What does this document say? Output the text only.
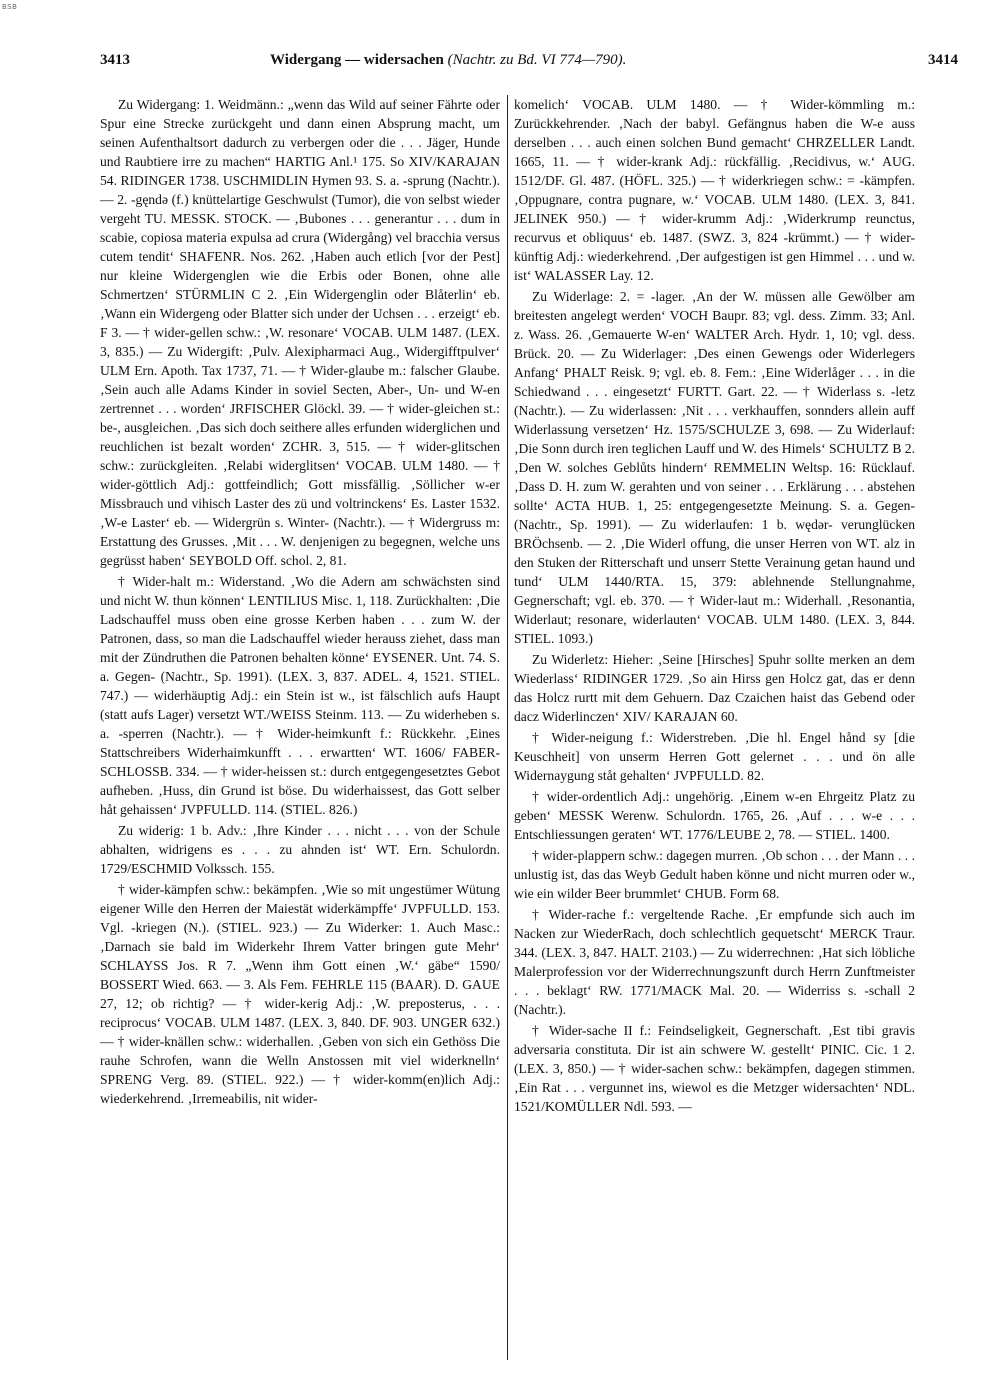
BSB
3413	Widergang — widersachen (Nachtr. zu Bd. VI 774—790).	3414

Zu Widergang: 1. Weidmänn.: „wenn das Wild auf seiner Fährte oder Spur eine Strecke zurückgeht und dann einen Absprung macht, um seinen Aufenthaltsort dadurch zu verbergen oder die . . . Jäger, Hunde und Raubtiere irre zu machen“ HARTIG Anl.¹ 175. So XIV/KARAJAN 54. RIDINGER 1738. USCHMIDLIN Hymen 93. S. a. -sprung (Nachtr.). — 2. -gęndə (f.) knüttelartige Geschwulst (Tumor), die von selbst wieder vergeht TU. MESSK. STOCK. — ‚Bubones . . . generantur . . . dum in scabie, copiosa materia expulsa ad crura (Widergång) vel bracchia versus cutem tendit‘ SHAFENR. Nos. 262. ‚Haben auch etlich [vor der Pest] nur kleine Widergenglen wie die Erbis oder Bonen, ohne alle Schmertzen‘ STÜRMLIN C 2. ‚Ein Widergenglin oder Blåterlin‘ eb. ‚Wann ein Widergeng oder Blatter sich under der Uchsen . . . erzeigt‘ eb. F 3. — † wider-gellen schw.: ‚W. resonare‘ VOCAB. ULM 1487. (LEX. 3, 835.) — Zu Widergift: ‚Pulv. Alexipharmaci Aug., Widergifftpulver‘ ULM Ern. Apoth. Tax 1737, 71. — † Wider-glaube m.: falscher Glaube. ‚Sein auch alle Adams Kinder in soviel Secten, Aber-, Un- und W-en zertrennet . . . worden‘ JRFISCHER Glöckl. 39. — † wider-gleichen st.: be-, ausgleichen. ‚Das sich doch seithere alles erfunden widerglichen und reuchlichen ist bezalt worden‘ ZCHR. 3, 515. — † wider-glitschen schw.: zurückgleiten. ‚Relabi widerglitsen‘ VOCAB. ULM 1480. — † wider-göttlich Adj.: gottfeindlich; Gott missfällig. ‚Söllicher w-er Missbrauch und vihisch Laster des zü und voltrinckens‘ Es. Laster 1532. ‚W-e Laster‘ eb. — Widergrün s. Winter- (Nachtr.). — † Widergruss m: Erstattung des Grusses. ‚Mit . . . W. denjenigen zu begegnen, welche uns gegrüsst haben‘ SEYBOLD Off. schol. 2, 81.

† Wider-halt m.: Widerstand. ‚Wo die Adern am schwächsten sind und nicht W. thun können‘ LENTILIUS Misc. 1, 118. Zurückhalten: ‚Die Ladschauffel muss oben eine grosse Kerben haben . . . zum W. der Patronen, dass, so man die Ladschauffel wieder herauss ziehet, dass man mit der Zündruthen die Patronen behalten könne‘ EYSENER. Unt. 74. S. a. Gegen- (Nachtr., Sp. 1991). (LEX. 3, 837. ADEL. 4, 1521. STIEL. 747.) — widerhäuptig Adj.: ein Stein ist w., ist fälschlich aufs Haupt (statt aufs Lager) versetzt WT./WEISS Steinm. 113. — Zu widerheben s. a. -sperren (Nachtr.). — † Wider-heimkunft f.: Rückkehr. ‚Eines Stattschreibers Widerhaimkunfft . . . erwartten‘ WT. 1606/ FABER-SCHLOSSB. 334. — † wider-heissen st.: durch entgegengesetztes Gebot aufheben. ‚Huss, din Grund ist böse. Du widerhaissest, das Gott selber håt gehaissen‘ JVPFULLD. 114. (STIEL. 826.)

Zu widerig: 1 b. Adv.: ‚Ihre Kinder . . . nicht . . . von der Schule abhalten, widrigens es . . . zu ahnden ist‘ WT. Ern. Schulordn. 1729/ESCHMID Volkssch. 155.

† wider-kämpfen schw.: bekämpfen. ‚Wie so mit ungestümer Wütung eigener Wille den Herren der Maiestät widerkämpffe‘ JVPFULLD. 153. Vgl. -kriegen (N.). (STIEL. 923.) — Zu Widerker: 1. Auch Masc.: ‚Darnach sie bald im Widerkehr Ihrem Vatter bringen gute Mehr‘ SCHLAYSS Jos. R 7. „Wenn ihm Gott einen ‚W.‘ gäbe“ 1590/ BOSSERT Wied. 663. — 3. Als Fem. FEHRLE 115 (BAAR). D. GAUE 27, 12; ob richtig? — † wider-kerig Adj.: ‚W. preposterus, . . . reciprocus‘ VOCAB. ULM 1487. (LEX. 3, 840. DF. 903. UNGER 632.) — † wider-knällen schw.: widerhallen. ‚Geben von sich ein Gethöss Die rauhe Schrofen, wann die Welln Anstossen mit viel widerknelln‘ SPRENG Verg. 89. (STIEL. 922.) — † wider-komm(en)lich Adj.: wiederkehrend. ‚Irremeabilis, nit wider-

komelich‘ VOCAB. ULM 1480. — † Wider-kömmling m.: Zurückkehrender. ‚Nach der babyl. Gefängnus haben die W-e auss derselben . . . auch einen solchen Bund gemacht‘ CHRZELLER Landt. 1665, 11. — † wider-krank Adj.: rückfällig. ‚Recidivus, w.‘ AUG. 1512/DF. Gl. 487. (HÖFL. 325.) — † widerkriegen schw.: = -kämpfen. ‚Oppugnare, contra pugnare, w.‘ VOCAB. ULM 1480. (LEX. 3, 841. JELINEK 950.) — † wider-krumm Adj.: ‚Widerkrump reunctus, recurvus et obliquus‘ eb. 1487. (SWZ. 3, 824 -krümmt.) — † wider-künftig Adj.: wiederkehrend. ‚Der aufgestigen ist gen Himmel . . . und w. ist‘ WALASSER Lay. 12.

Zu Widerlage: 2. = -lager. ‚An der W. müssen alle Gewölber am breitesten angelegt werden‘ VOCH Baupr. 83; vgl. dess. Zimm. 33; Anl. z. Wass. 26. ‚Gemauerte W-en‘ WALTER Arch. Hydr. 1, 10; vgl. dess. Brück. 20. — Zu Widerlager: ‚Des einen Gewengs oder Widerlegers Anfang‘ PHALT Reisk. 9; vgl. eb. 8. Fem.: ‚Eine Widerlåger . . . in die Schiedwand . . . eingesetzt‘ FURTT. Gart. 22. — † Widerlass s. -letz (Nachtr.). — Zu widerlassen: ‚Nit . . . verkhauffen, sonnders allein auff Widerlassung versetzen‘ Hz. 1575/SCHULZE 3, 698. — Zu Widerlauf: ‚Die Sonn durch iren teglichen Lauff und W. des Himels‘ SCHULTZ B 2. ‚Den W. solches Geblůts hindern‘ REMMELIN Weltsp. 16: Rücklauf. ‚Dass D. H. zum W. gerahten und von seiner . . . Erklärung . . . abstehen sollte‘ ACTA HUB. 1, 25: entgegengesetzte Meinung. S. a. Gegen- (Nachtr., Sp. 1991). — Zu widerlaufen: 1 b. wędər- verunglücken BRÖchsenb. — 2. ‚Die Widerl offung, die unser Herren von WT. alz in den Stuken der Ritterschaft und unserr Stette Verainung getan haund und tund‘ ULM 1440/RTA. 15, 379: ablehnende Stellungnahme, Gegnerschaft; vgl. eb. 370. — † Wider-laut m.: Widerhall. ‚Resonantia, Widerlaut; resonare, widerlauten‘ VOCAB. ULM 1480. (LEX. 3, 844. STIEL. 1093.)

Zu Widerletz: Hieher: ‚Seine [Hirsches] Spuhr sollte merken an dem Wiederlass‘ RIDINGER 1729. ‚So ain Hirss gen Holcz gat, das er denn das Holcz rurtt mit dem Gehuern. Daz Czaichen haist das Gebend oder dacz Widerlinczen‘ XIV/ KARAJAN 60.

† Wider-neigung f.: Widerstreben. ‚Die hl. Engel hånd sy [die Keuschheit] von unserm Herren Gott gelernet . . . und ön alle Widernaygung ståt gehalten‘ JVPFULLD. 82.

† wider-ordentlich Adj.: ungehörig. ‚Einem w-en Ehrgeitz Platz zu geben‘ MESSK Werenw. Schulordn. 1765, 26. ‚Auf . . . w-e . . . Entschliessungen geraten‘ WT. 1776/LEUBE 2, 78. — STIEL. 1400.

† wider-plappern schw.: dagegen murren. ‚Ob schon . . . der Mann . . . unlustig ist, das das Weyb Gedult haben könne und nicht murren oder w., wie ein wilder Beer brummlet‘ CHUB. Form 68.

† Wider-rache f.: vergeltende Rache. ‚Er empfunde sich auch im Nacken zur WiederRach, doch schlechtlich gequetscht‘ MERCK Traur. 344. (LEX. 3, 847. HALT. 2103.) — Zu widerrechnen: ‚Hat sich löbliche Malerprofession vor der Widerrechnungszunft durch Herrn Zunftmeister . . . beklagt‘ RW. 1771/MACK Mal. 20. — Widerriss s. -schall 2 (Nachtr.).

† Wider-sache II f.: Feindseligkeit, Gegnerschaft. ‚Est tibi gravis adversaria constituta. Dir ist ain schwere W. gestellt‘ PINIC. Cic. 1 2. (LEX. 3, 850.) — † wider-sachen schw.: bekämpfen, dagegen stimmen. ‚Ein Rat . . . vergunnet ins, wiewol es die Metzger widersachten‘ NDL. 1521/KOMÜLLER Ndl. 593. —
